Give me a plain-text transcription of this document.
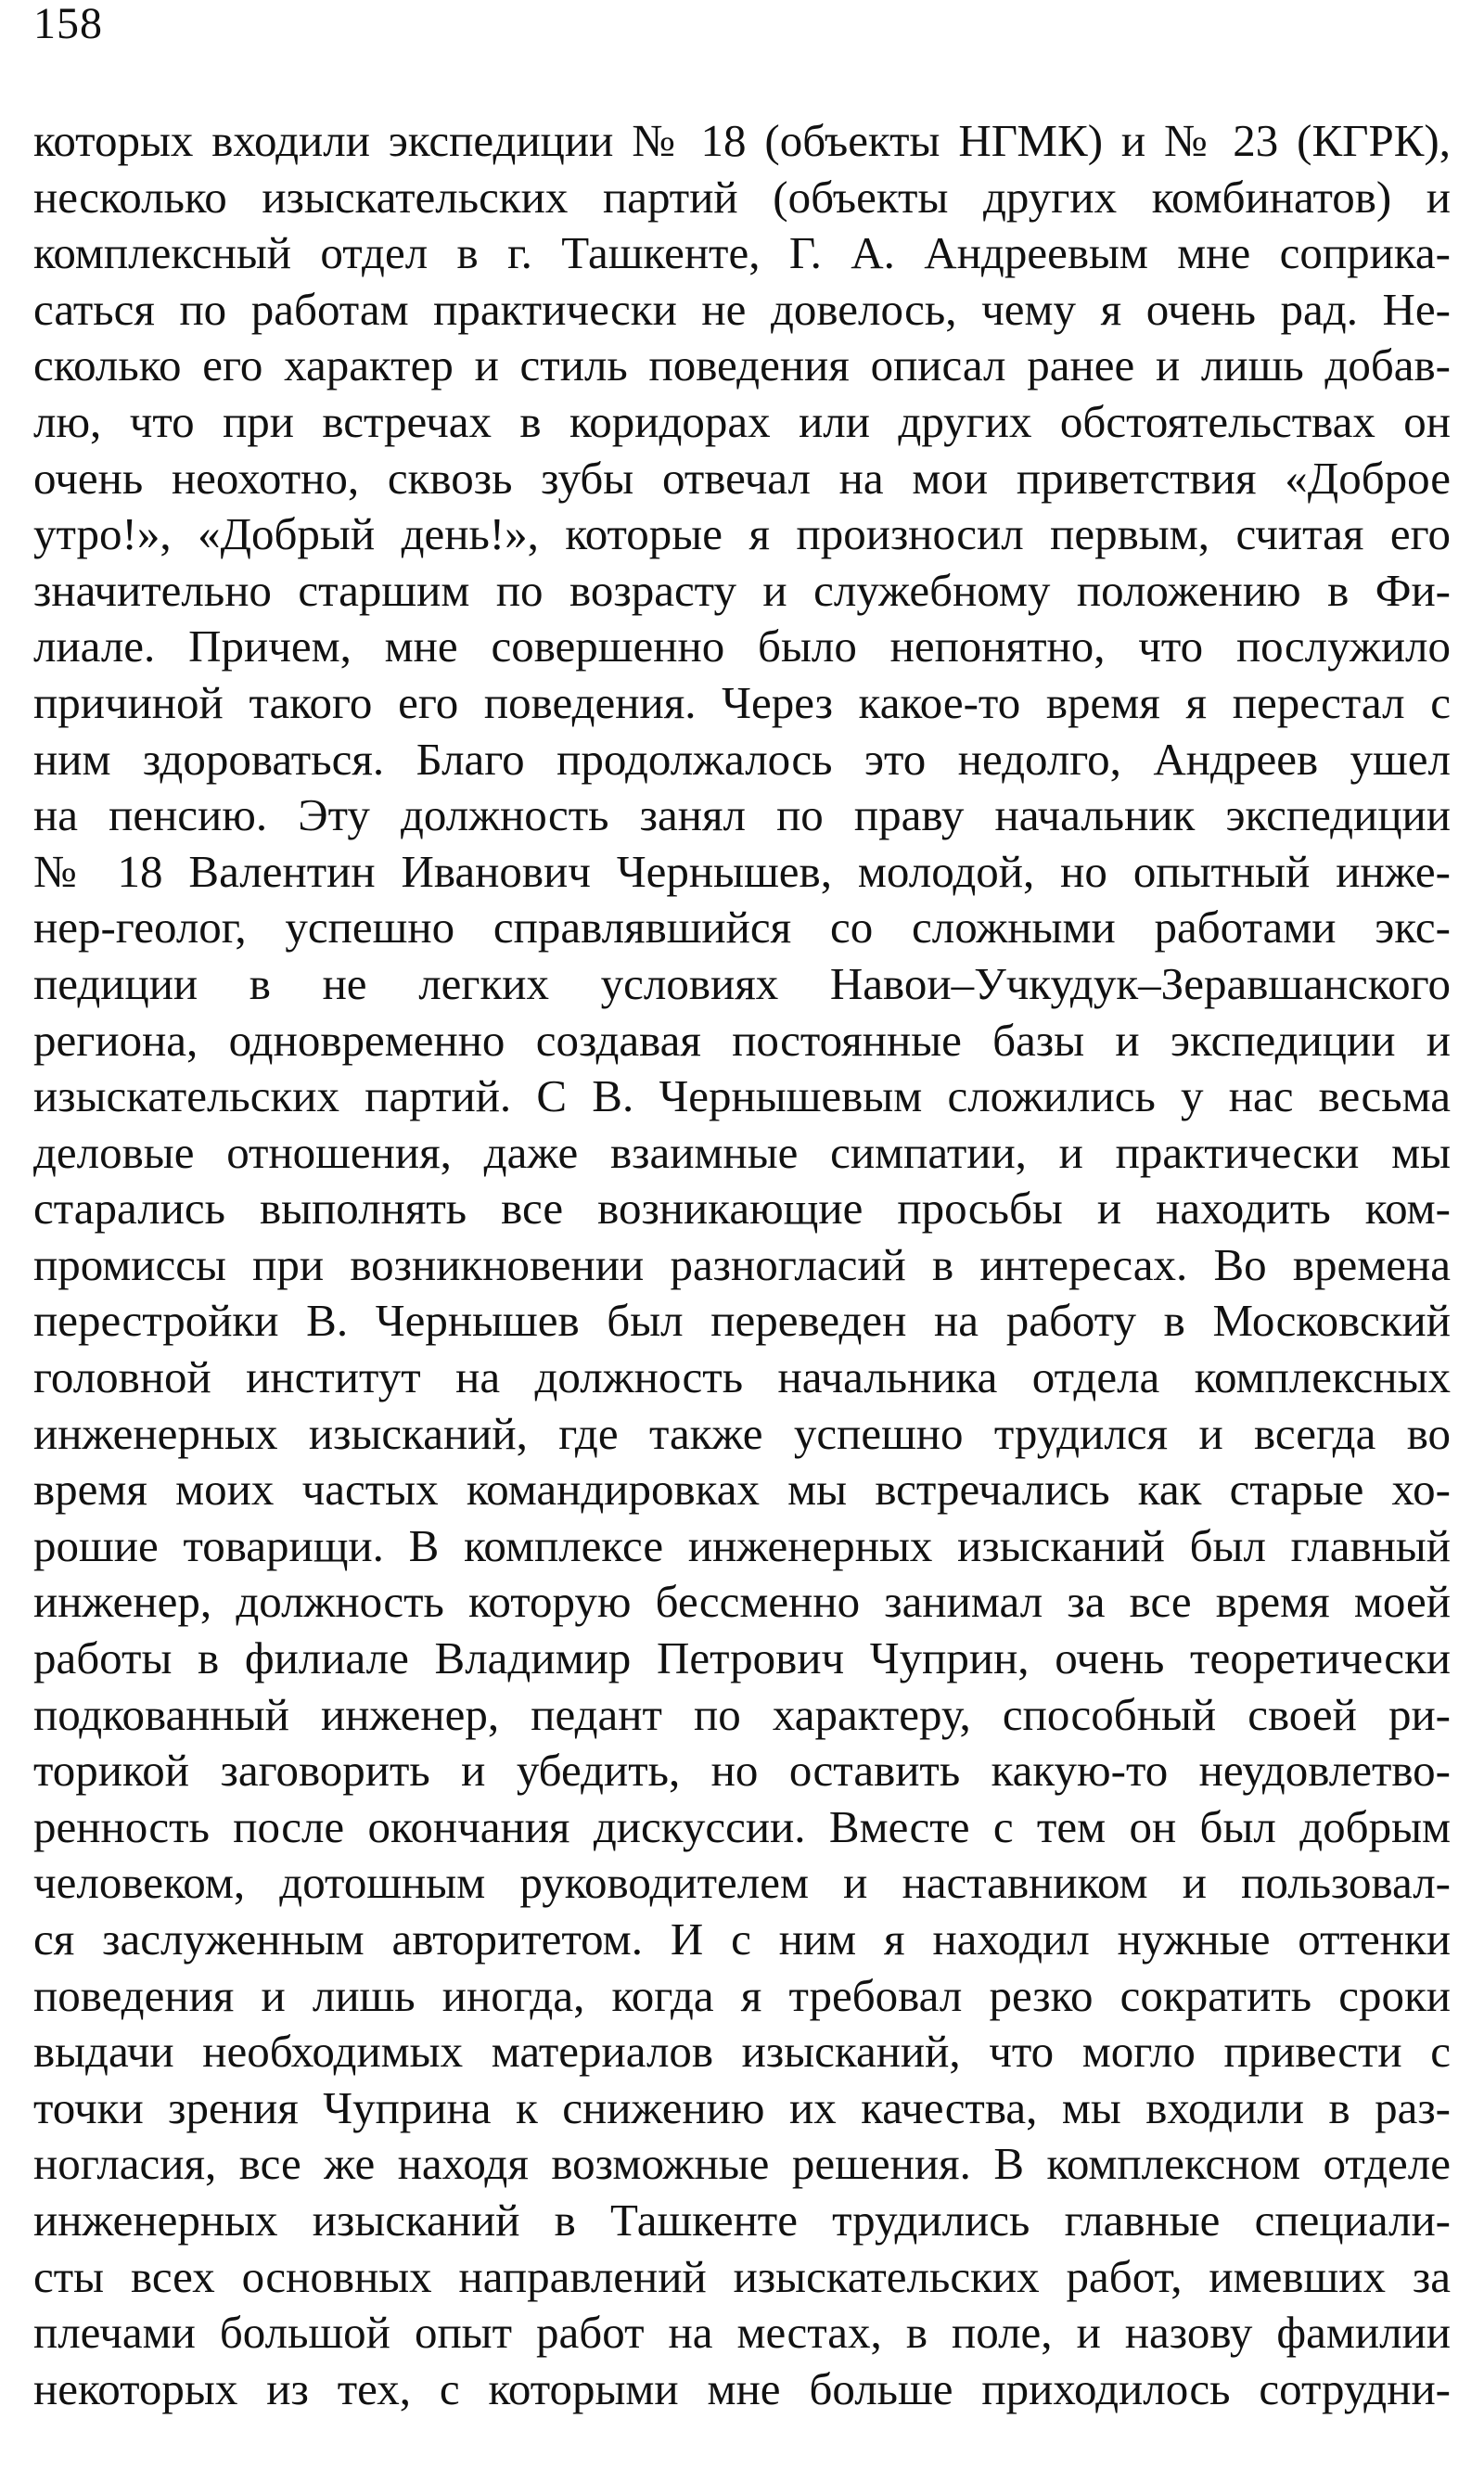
158
которых входили экспедиции № 18 (объекты НГМК) и № 23 (КГРК),
несколько изыскательских партий (объекты других комбинатов) и
комплексный отдел в г. Ташкенте, Г. А. Андреевым мне соприка-
саться по работам практически не довелось, чему я очень рад. Не-
сколько его характер и стиль поведения описал ранее и лишь добав-
лю, что при встречах в коридорах или других обстоятельствах он
очень неохотно, сквозь зубы отвечал на мои приветствия «Доброе
утро!», «Добрый день!», которые я произносил первым, считая его
значительно старшим по возрасту и служебному положению в Фи-
лиале. Причем, мне совершенно было непонятно, что послужило
причиной такого его поведения. Через какое-то время я перестал с
ним здороваться. Благо продолжалось это недолго, Андреев ушел
на пенсию. Эту должность занял по праву начальник экспедиции
№ 18 Валентин Иванович Чернышев, молодой, но опытный инже-
нер-геолог, успешно справлявшийся со сложными работами экс-
педиции в не легких условиях Навои–Учкудук–Зеравшанского
региона, одновременно создавая постоянные базы и экспедиции и
изыскательских партий. С В. Чернышевым сложились у нас весьма
деловые отношения, даже взаимные симпатии, и практически мы
старались выполнять все возникающие просьбы и находить ком-
промиссы при возникновении разногласий в интересах. Во времена
перестройки В. Чернышев был переведен на работу в Московский
головной институт на должность начальника отдела комплексных
инженерных изысканий, где также успешно трудился и всегда во
время моих частых командировках мы встречались как старые хо-
рошие товарищи. В комплексе инженерных изысканий был главный
инженер, должность которую бессменно занимал за все время моей
работы в филиале Владимир Петрович Чуприн, очень теоретически
подкованный инженер, педант по характеру, способный своей ри-
торикой заговорить и убедить, но оставить какую-то неудовлетво-
ренность после окончания дискуссии. Вместе с тем он был добрым
человеком, дотошным руководителем и наставником и пользовал-
ся заслуженным авторитетом. И с ним я находил нужные оттенки
поведения и лишь иногда, когда я требовал резко сократить сроки
выдачи необходимых материалов изысканий, что могло привести с
точки зрения Чуприна к снижению их качества, мы входили в раз-
ногласия, все же находя возможные решения. В комплексном отделе
инженерных изысканий в Ташкенте трудились главные специали-
сты всех основных направлений изыскательских работ, имевших за
плечами большой опыт работ на местах, в поле, и назову фамилии
некоторых из тех, с которыми мне больше приходилось сотрудни-
